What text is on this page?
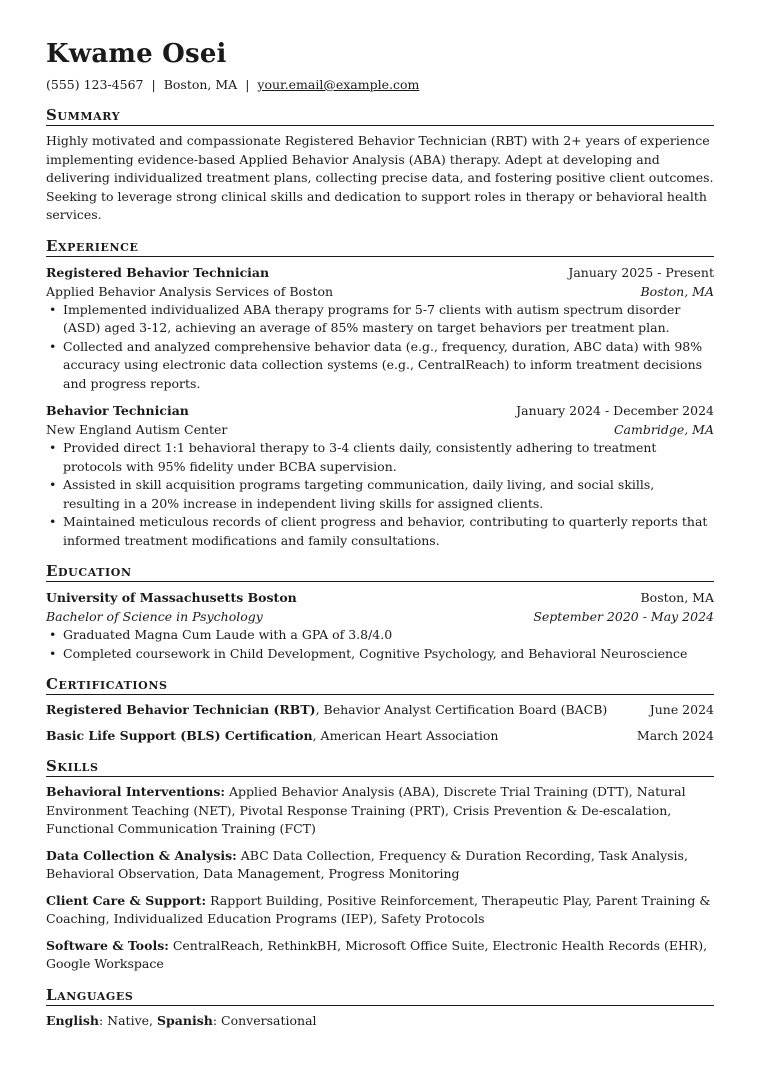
Kwame Osei
(555) 123-4567 | Boston, MA | your.email@example.com
Summary

Highly motivated and compassionate Registered Behavior Technician (RBT) with 2+ years of experience implementing evidence-based Applied Behavior Analysis (ABA) therapy. Adept at developing and delivering individualized treatment plans, collecting precise data, and fostering positive client outcomes. Seeking to leverage strong clinical skills and dedication to support roles in therapy or behavioral health services.

Experience
Registered Behavior Technician	January 2025 - Present
Applied Behavior Analysis Services of Boston	Boston, MA
• Implemented individualized ABA therapy programs for 5-7 clients with autism spectrum disorder (ASD) aged 3-12, achieving an average of 85% mastery on target behaviors per treatment plan.
• Collected and analyzed comprehensive behavior data (e.g., frequency, duration, ABC data) with 98% accuracy using electronic data collection systems (e.g., CentralReach) to inform treatment decisions and progress reports.
Behavior Technician	January 2024 - December 2024
New England Autism Center	Cambridge, MA
• Provided direct 1:1 behavioral therapy to 3-4 clients daily, consistently adhering to treatment protocols with 95% fidelity under BCBA supervision.
• Assisted in skill acquisition programs targeting communication, daily living, and social skills, resulting in a 20% increase in independent living skills for assigned clients.
• Maintained meticulous records of client progress and behavior, contributing to quarterly reports that informed treatment modifications and family consultations.
Education
University of Massachusetts Boston	Boston, MA
Bachelor of Science in Psychology	September 2020 - May 2024
• Graduated Magna Cum Laude with a GPA of 3.8/4.0
• Completed coursework in Child Development, Cognitive Psychology, and Behavioral Neuroscience
Certifications
Registered Behavior Technician (RBT), Behavior Analyst Certification Board (BACB)	June 2024
Basic Life Support (BLS) Certification, American Heart Association	March 2024
Skills

Behavioral Interventions: Applied Behavior Analysis (ABA), Discrete Trial Training (DTT), Natural Environment Teaching (NET), Pivotal Response Training (PRT), Crisis Prevention & De-escalation, Functional Communication Training (FCT)

Data Collection & Analysis: ABC Data Collection, Frequency & Duration Recording, Task Analysis, Behavioral Observation, Data Management, Progress Monitoring

Client Care & Support: Rapport Building, Positive Reinforcement, Therapeutic Play, Parent Training & Coaching, Individualized Education Programs (IEP), Safety Protocols

Software & Tools: CentralReach, RethinkBH, Microsoft Office Suite, Electronic Health Records (EHR), Google Workspace

Languages
English: Native, Spanish: Conversational
